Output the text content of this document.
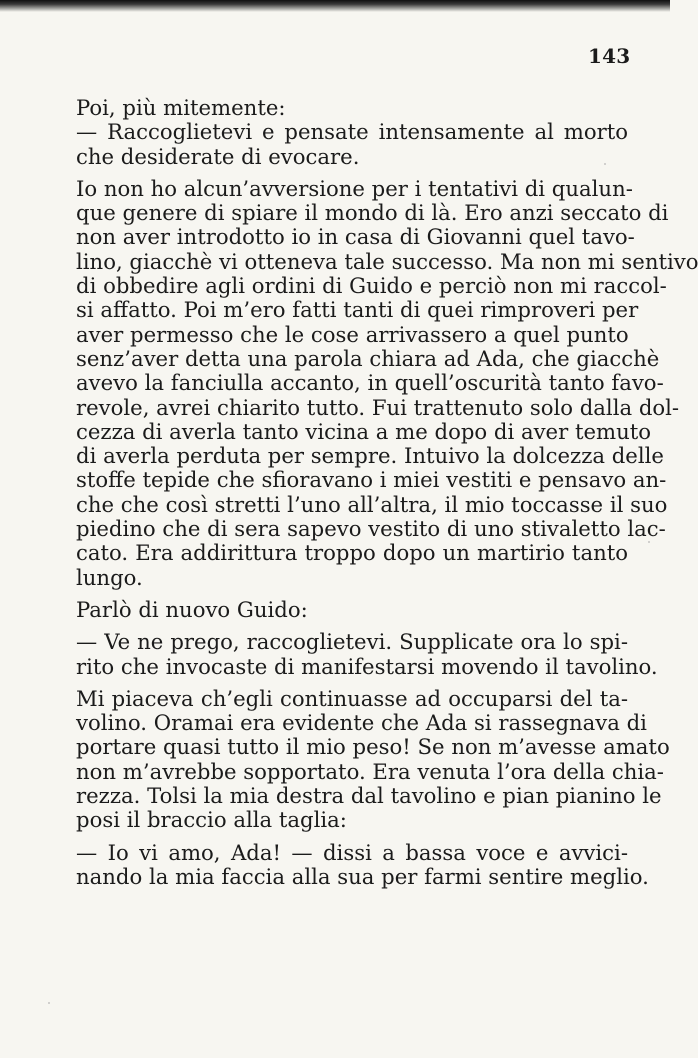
143
Poi, più mitemente:
— Raccoglietevi e pensate intensamente al morto
che desiderate di evocare.
Io non ho alcun’avversione per i tentativi di qualun-
que genere di spiare il mondo di là. Ero anzi seccato di
non aver introdotto io in casa di Giovanni quel tavo-
lino, giacchè vi otteneva tale successo. Ma non mi sentivo
di obbedire agli ordini di Guido e perciò non mi raccol-
si affatto. Poi m’ero fatti tanti di quei rimproveri per
aver permesso che le cose arrivassero a quel punto
senz’aver detta una parola chiara ad Ada, che giacchè
avevo la fanciulla accanto, in quell’oscurità tanto favo-
revole, avrei chiarito tutto. Fui trattenuto solo dalla dol-
cezza di averla tanto vicina a me dopo di aver temuto
di averla perduta per sempre. Intuivo la dolcezza delle
stoffe tepide che sfioravano i miei vestiti e pensavo an-
che che così stretti l’uno all’altra, il mio toccasse il suo
piedino che di sera sapevo vestito di uno stivaletto lac-
cato. Era addirittura troppo dopo un martirio tanto
lungo.
Parlò di nuovo Guido:
— Ve ne prego, raccoglietevi. Supplicate ora lo spi-
rito che invocaste di manifestarsi movendo il tavolino.
Mi piaceva ch’egli continuasse ad occuparsi del ta-
volino. Oramai era evidente che Ada si rassegnava di
portare quasi tutto il mio peso! Se non m’avesse amato
non m’avrebbe sopportato. Era venuta l’ora della chia-
rezza. Tolsi la mia destra dal tavolino e pian pianino le
posi il braccio alla taglia:
— Io vi amo, Ada! — dissi a bassa voce e avvici-
nando la mia faccia alla sua per farmi sentire meglio.
